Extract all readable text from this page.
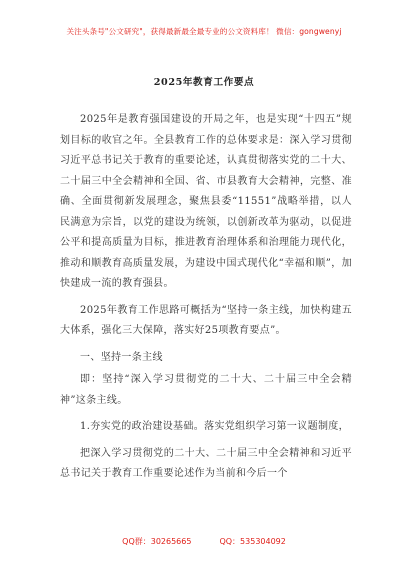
关注头条号"公文研究"，获得最新最全最专业的公文资料库！ 微信：gongwenyj
2025年教育工作要点

2025年是教育强国建设的开局之年，也是实现“十四五”规划目标的收官之年。全县教育工作的总体要求是：深入学习贯彻习近平总书记关于教育的重要论述，认真贯彻落实党的二十大、二十届三中全会精神和全国、省、市县教育大会精神，完整、准确、全面贯彻新发展理念，聚焦县委“11551”战略举措，以人民满意为宗旨，以党的建设为统领，以创新改革为驱动，以促进公平和提高质量为目标，推进教育治理体系和治理能力现代化，推动和顺教育高质量发展，为建设中国式现代化“幸福和顺”，加快建成一流的教育强县。

2025年教育工作思路可概括为“坚持一条主线，加快构建五大体系，强化三大保障，落实好25项教育要点”。

一、坚持一条主线

即：坚持“深入学习贯彻党的二十大、二十届三中全会精神”这条主线。

1.夯实党的政治建设基础。落实党组织学习第一议题制度，

把深入学习贯彻党的二十大、二十届三中全会精神和习近平总书记关于教育工作重要论述作为当前和今后一个

QQ群：30265665	QQ：535304092
